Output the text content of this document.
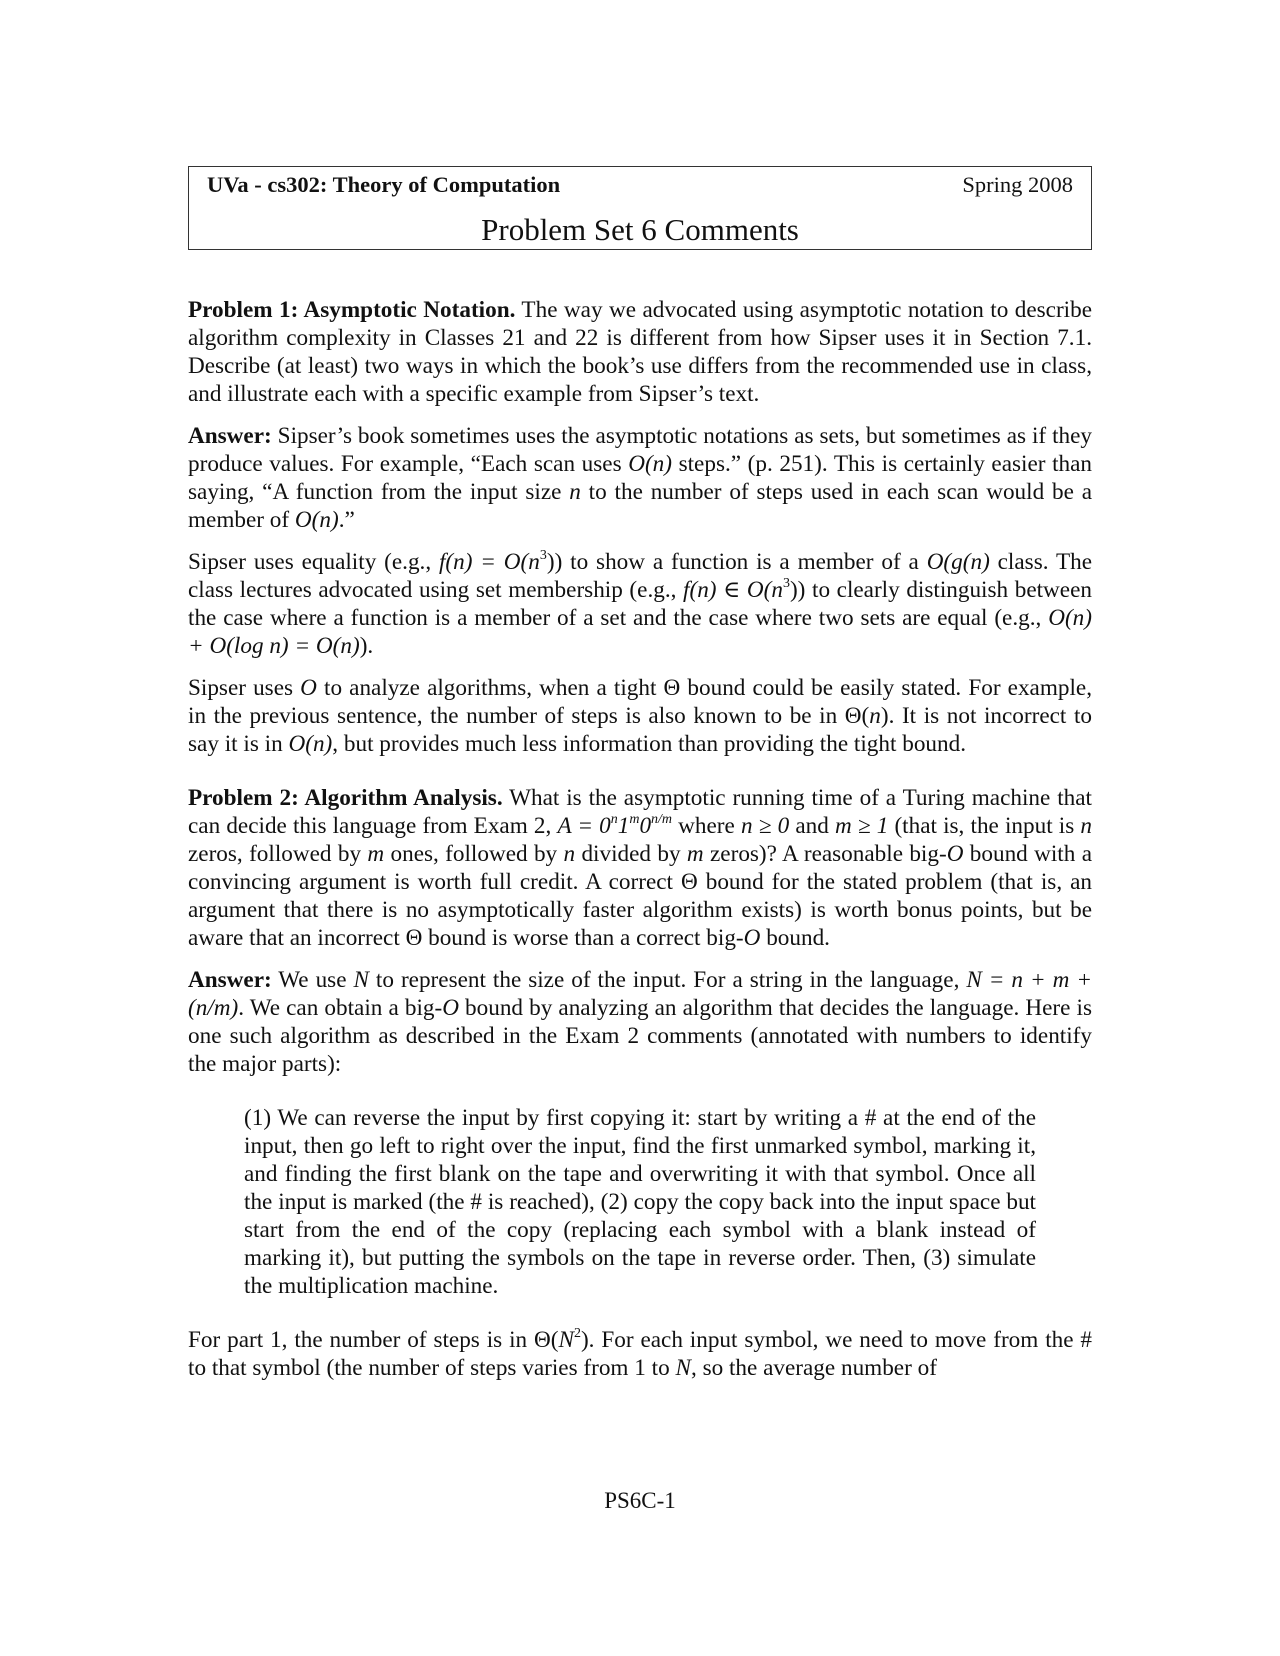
UVa - cs302: Theory of Computation	Spring 2008
Problem Set 6 Comments

Problem 1: Asymptotic Notation. The way we advocated using asymptotic notation to describe algorithm complexity in Classes 21 and 22 is different from how Sipser uses it in Section 7.1. Describe (at least) two ways in which the book’s use differs from the recommended use in class, and illustrate each with a specific example from Sipser’s text.

Answer: Sipser’s book sometimes uses the asymptotic notations as sets, but sometimes as if they produce values. For example, “Each scan uses O(n) steps.” (p. 251). This is certainly easier than saying, “A function from the input size n to the number of steps used in each scan would be a member of O(n).”

Sipser uses equality (e.g., $f(n) = O(n^3)$) to show a function is a member of a O(g(n) class. The class lectures advocated using set membership (e.g., f(n) ∈ $O(n^3)$) to clearly distinguish between the case where a function is a member of a set and the case where two sets are equal (e.g., O(n) + O(log n) = O(n)).

Sipser uses O to analyze algorithms, when a tight Θ bound could be easily stated. For example, in the previous sentence, the number of steps is also known to be in Θ(n). It is not incorrect to say it is in O(n), but provides much less information than providing the tight bound.

Problem 2: Algorithm Analysis. What is the asymptotic running time of a Turing machine that can decide this language from Exam 2, $A = 0^n1^m0^{n/m}$ where n ≥ 0 and m ≥ 1 (that is, the input is n zeros, followed by m ones, followed by n divided by m zeros)? A reasonable big-O bound with a convincing argument is worth full credit. A correct Θ bound for the stated problem (that is, an argument that there is no asymptotically faster algorithm exists) is worth bonus points, but be aware that an incorrect Θ bound is worse than a correct big-O bound.

Answer: We use N to represent the size of the input. For a string in the language, N = n + m + (n/m). We can obtain a big-O bound by analyzing an algorithm that decides the language. Here is one such algorithm as described in the Exam 2 comments (annotated with numbers to identify the major parts):

(1) We can reverse the input by first copying it: start by writing a # at the end of the input, then go left to right over the input, find the first unmarked symbol, marking it, and finding the first blank on the tape and overwriting it with that symbol. Once all the input is marked (the # is reached), (2) copy the copy back into the input space but start from the end of the copy (replacing each symbol with a blank instead of marking it), but putting the symbols on the tape in reverse order. Then, (3) simulate the multiplication machine.

For part 1, the number of steps is in $\Theta(N^2)$. For each input symbol, we need to move from the # to that symbol (the number of steps varies from 1 to N, so the average number of

PS6C-1
